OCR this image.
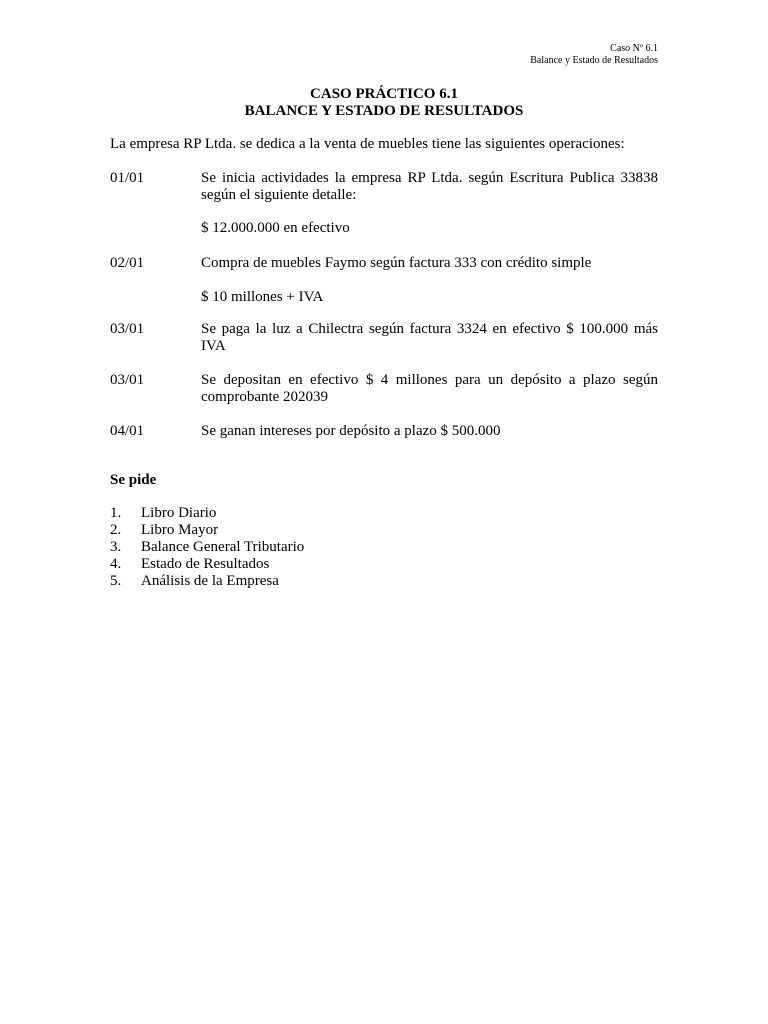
Caso Nº 6.1
Balance y Estado de Resultados
CASO PRÁCTICO 6.1
BALANCE Y ESTADO DE RESULTADOS
La empresa RP Ltda. se dedica a la venta de muebles tiene las siguientes operaciones:
01/01	Se inicia actividades la empresa RP Ltda. según Escritura Publica 33838 según el siguiente detalle:
$ 12.000.000 en efectivo
02/01	Compra de muebles Faymo según factura 333 con crédito simple
$ 10 millones + IVA
03/01	Se paga la luz a Chilectra según factura 3324 en efectivo $ 100.000 más IVA
03/01	Se depositan en efectivo $ 4 millones para un depósito a plazo según comprobante 202039
04/01	Se ganan intereses por depósito a plazo $ 500.000
Se pide
1.	Libro Diario
2.	Libro Mayor
3.	Balance General Tributario
4.	Estado de Resultados
5.	Análisis de la Empresa
